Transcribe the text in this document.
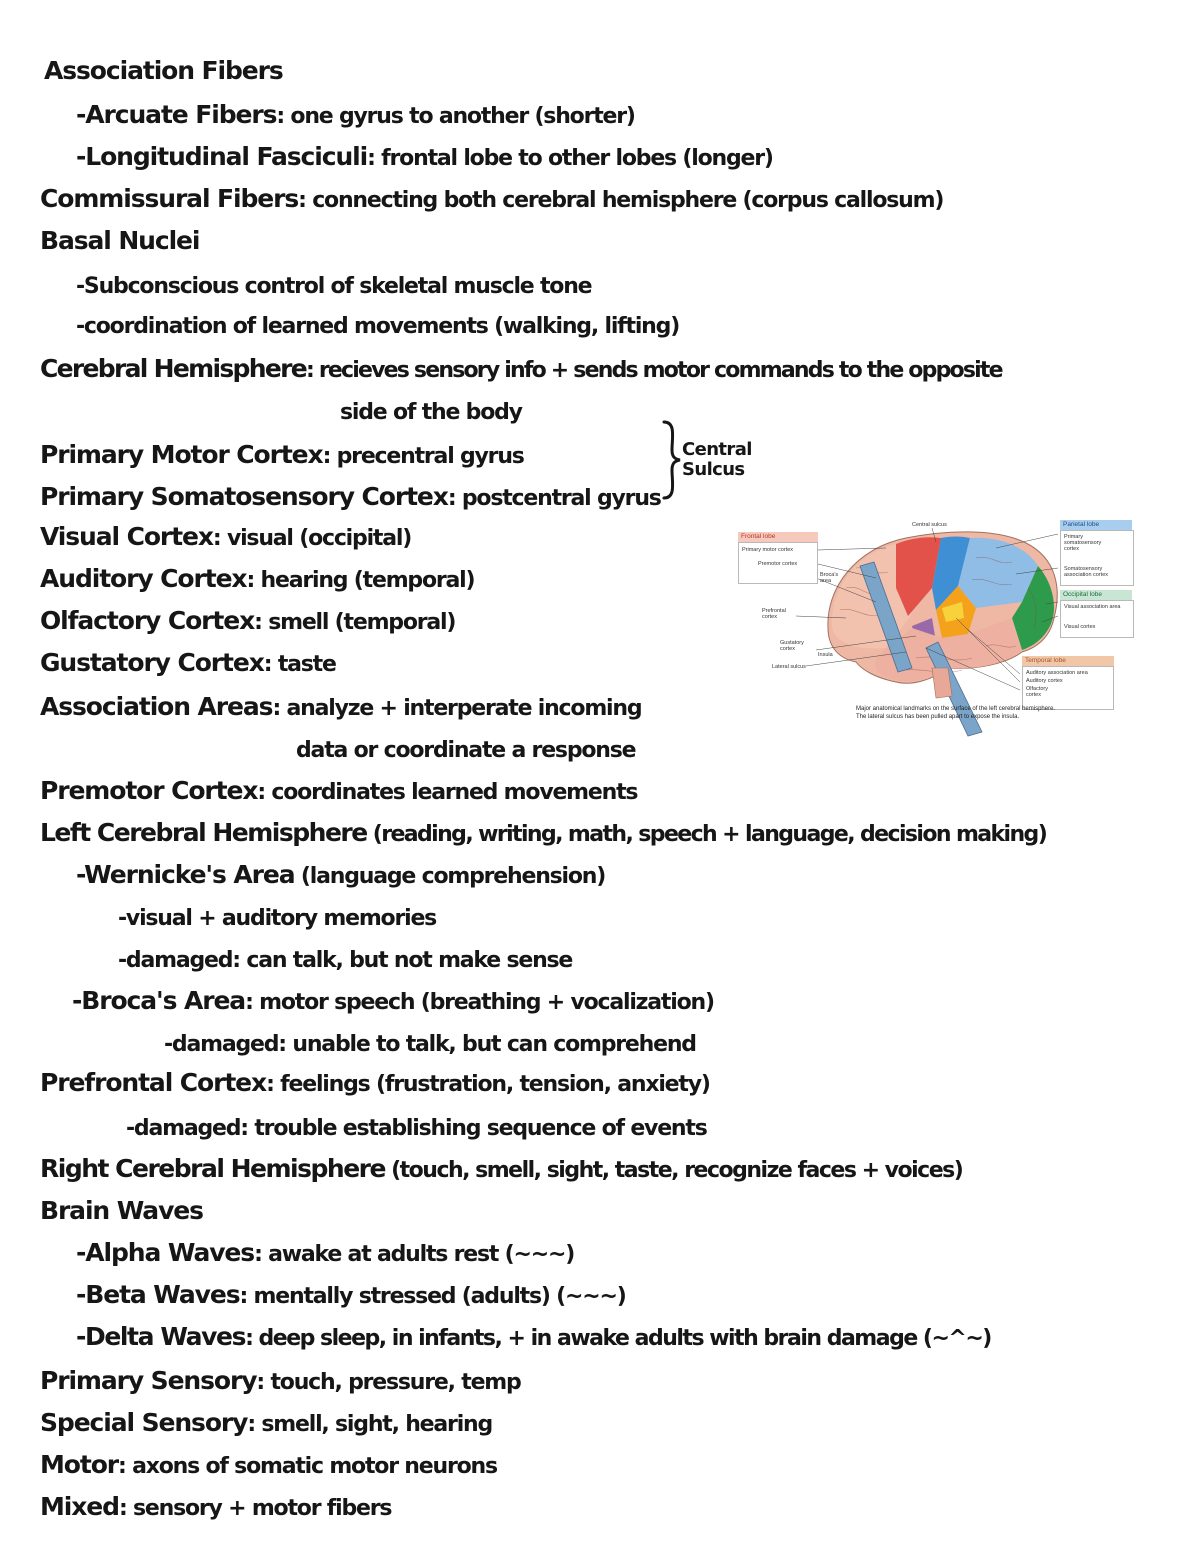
Association Fibers
-Arcuate Fibers: one gyrus to another (shorter)
-Longitudinal Fasciculi: frontal lobe to other lobes (longer)
Commissural Fibers: connecting both cerebral hemisphere (corpus callosum)
Basal Nuclei
-Subconscious control of skeletal muscle tone
-coordination of learned movements (walking, lifting)
Cerebral Hemisphere: recieves sensory info + sends motor commands to the opposite
side of the body
Primary Motor Cortex: precentral gyrus
Primary Somatosensory Cortex: postcentral gyrus
Visual Cortex: visual (occipital)
Auditory Cortex: hearing (temporal)
Olfactory Cortex: smell (temporal)
Gustatory Cortex: taste
Association Areas: analyze + interperate incoming
data or coordinate a response
Premotor Cortex: coordinates learned movements
Left Cerebral Hemisphere (reading, writing, math, speech + language, decision making)
-Wernicke's Area (language comprehension)
-visual + auditory memories
-damaged: can talk, but not make sense
-Broca's Area: motor speech (breathing + vocalization)
-damaged: unable to talk, but can comprehend
Prefrontal Cortex: feelings (frustration, tension, anxiety)
-damaged: trouble establishing sequence of events
Right Cerebral Hemisphere (touch, smell, sight, taste, recognize faces + voices)
Brain Waves
-Alpha Waves: awake at adults rest (~~~)
-Beta Waves: mentally stressed (adults) (~~~)
-Delta Waves: deep sleep, in infants, + in awake adults with brain damage (~^~)
Primary Sensory: touch, pressure, temp
Special Sensory: smell, sight, hearing
Motor: axons of somatic motor neurons
Mixed: sensory + motor fibers
Central
Sulcus
Frontal lobe
Primary motor cortex
Premotor cortex
Parietal lobe
Primary somatosensory cortex
Somatosensory association cortex
Occipital lobe
Visual association area
Visual cortex
Temporal lobe
Auditory association area
Auditory cortex
Olfactory cortex
Central sulcus
Broca's area
Prefrontal cortex
Gustatory cortex
Insula
Lateral sulcus
Major anatomical landmarks on the surface of the left cerebral hemisphere. The lateral sulcus has been pulled apart to expose the insula.
